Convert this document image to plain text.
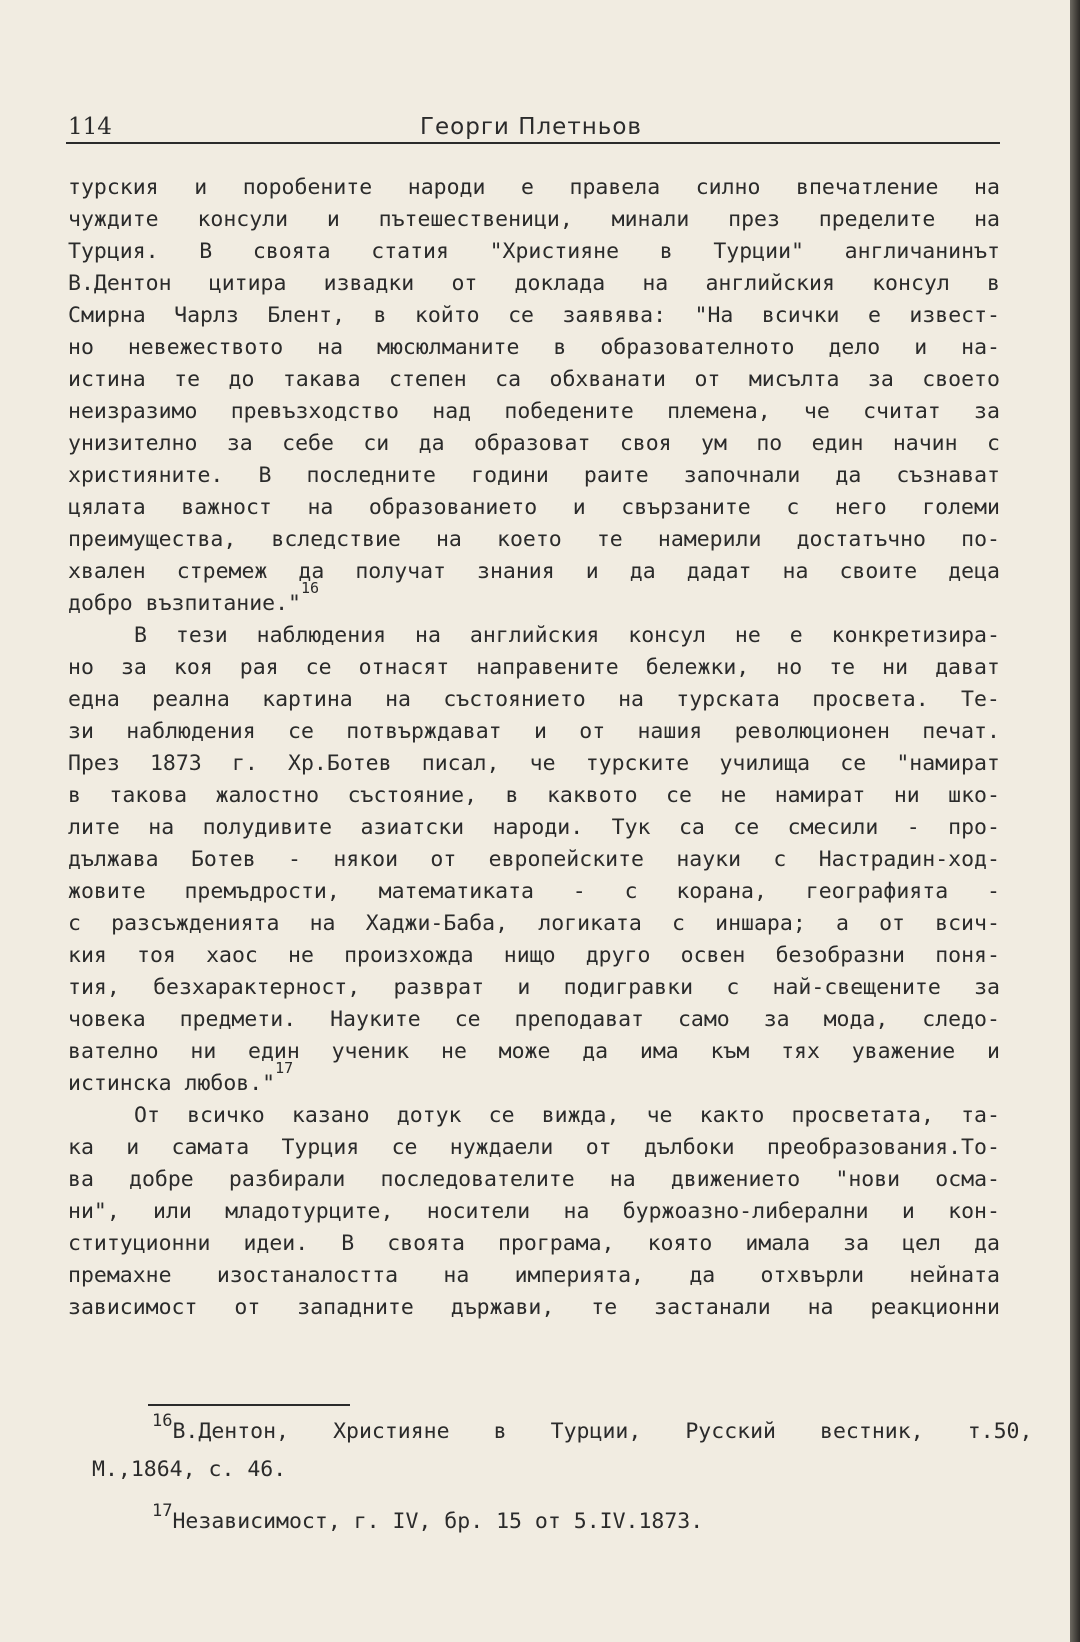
114	Георги Плетньов
турския и поробените народи е правела силно впечатление на
чуждите консули и пътешественици, минали през пределите на
Турция. В своята статия "Християне в Турции" англичанинът
В.Дентон цитира извадки от доклада на английския консул в
Смирна Чарлз Блент, в който се заявява: "На всички е извест-
но невежеството на мюсюлманите в образователното дело и на-
истина те до такава степен са обхванати от мисълта за своето
неизразимо превъзходство над победените племена, че считат за
унизително за себе си да образоват своя ум по един начин с
християните. В последните години раите започнали да съзнават
цялата важност на образованието и свързаните с него големи
преимущества, вследствие на което те намерили достатъчно по-
хвален стремеж да получат знания и да дадат на своите деца
добро възпитание."
16
В тези наблюдения на английския консул не е конкретизира-
но за коя рая се отнасят направените бележки, но те ни дават
една реална картина на състоянието на турската просвета. Те-
зи наблюдения се потвърждават и от нашия революционен печат.
През 1873 г. Хр.Ботев писал, че турските училища се "намират
в такова жалостно състояние, в каквото се не намират ни шко-
лите на полудивите азиатски народи. Тук са се смесили - про-
дължава Ботев - някои от европейските науки с Настрадин-ход-
жовите премъдрости, математиката - с корана, географията -
с разсъжденията на Хаджи-Баба, логиката с иншара; а от всич-
кия тоя хаос не произхожда нищо друго освен безобразни поня-
тия, безхарактерност, разврат и подигравки с най-свещените за
човека предмети. Науките се преподават само за мода, следо-
вателно ни един ученик не може да има към тях уважение и
истинска любов."
17
От всичко казано дотук се вижда, че както просветата, та-
ка и самата Турция се нуждаели от дълбоки преобразования.То-
ва добре разбирали последователите на движението "нови осма-
ни", или младотурците, носители на буржоазно-либерални и кон-
ституционни идеи. В своята програма, която имала за цел да
премахне изостаналостта на империята, да отхвърли нейната
зависимост от западните държави, те застанали на реакционни
$^{16}$ В.Дентон, Християне в Турции, Русский вестник, т.50,
М.,1864, с. 46.
$^{17}$Независимост, г. IV, бр. 15 от 5.IV.1873.
